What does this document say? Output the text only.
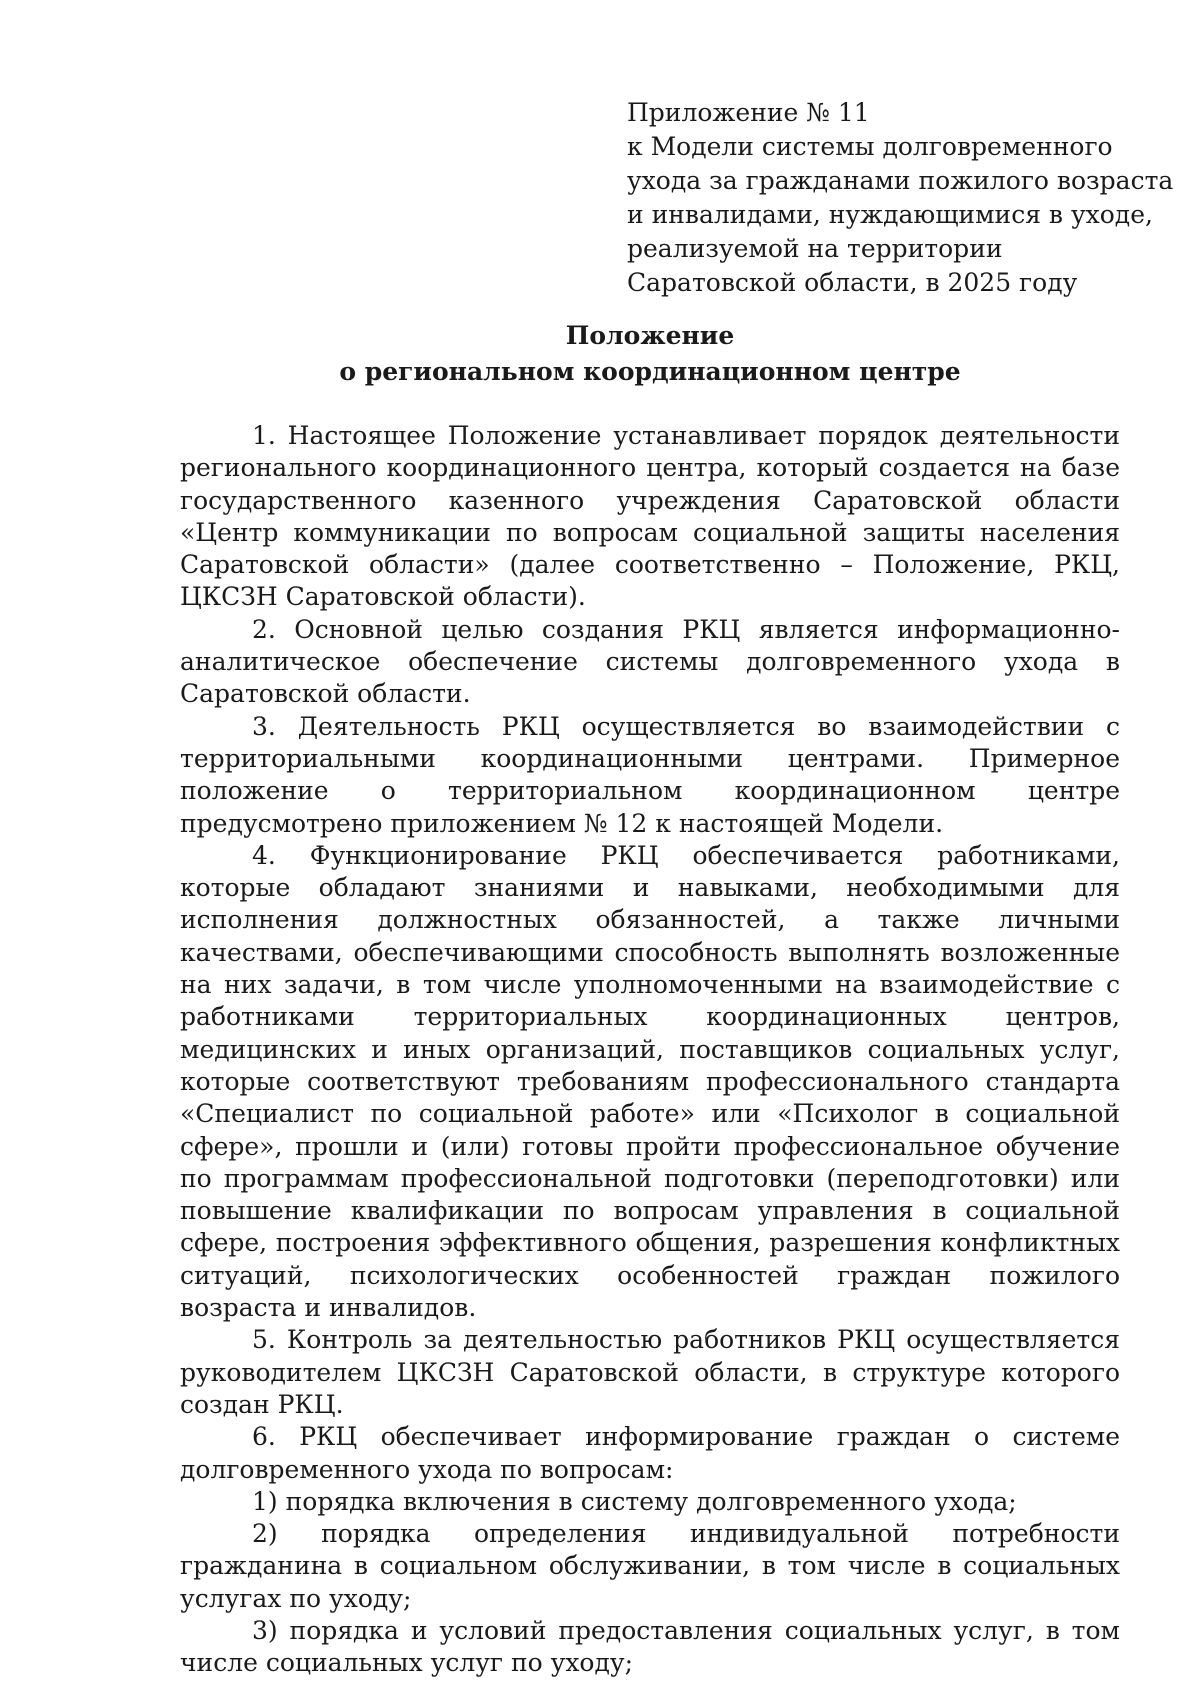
Приложение № 11
к Модели системы долговременного
ухода за гражданами пожилого возраста
и инвалидами, нуждающимися в уходе,
реализуемой на территории
Саратовской области, в 2025 году
Положение
о региональном координационном центре

1. Настоящее Положение устанавливает порядок деятельности регионального координационного центра, который создается на базе государственного казенного учреждения Саратовской области «Центр коммуникации по вопросам социальной защиты населения Саратовской области» (далее соответственно – Положение, РКЦ, ЦКСЗН Саратовской области).

2. Основной целью создания РКЦ является информационно-аналитическое обеспечение системы долговременного ухода в Саратовской области.

3. Деятельность РКЦ осуществляется во взаимодействии с территориальными координационными центрами. Примерное положение о территориальном координационном центре предусмотрено приложением № 12 к настоящей Модели.

4. Функционирование РКЦ обеспечивается работниками, которые обладают знаниями и навыками, необходимыми для исполнения должностных обязанностей, а также личными качествами, обеспечивающими способность выполнять возложенные на них задачи, в том числе уполномоченными на взаимодействие с работниками территориальных координационных центров, медицинских и иных организаций, поставщиков социальных услуг, которые соответствуют требованиям профессионального стандарта «Специалист по социальной работе» или «Психолог в социальной сфере», прошли и (или) готовы пройти профессиональное обучение по программам профессиональной подготовки (переподготовки) или повышение квалификации по вопросам управления в социальной сфере, построения эффективного общения, разрешения конфликтных ситуаций, психологических особенностей граждан пожилого возраста и инвалидов.

5. Контроль за деятельностью работников РКЦ осуществляется руководителем ЦКСЗН Саратовской области, в структуре которого создан РКЦ.

6. РКЦ обеспечивает информирование граждан о системе долговременного ухода по вопросам:

1) порядка включения в систему долговременного ухода;

2) порядка определения индивидуальной потребности гражданина в социальном обслуживании, в том числе в социальных услугах по уходу;

3) порядка и условий предоставления социальных услуг, в том числе социальных услуг по уходу;
